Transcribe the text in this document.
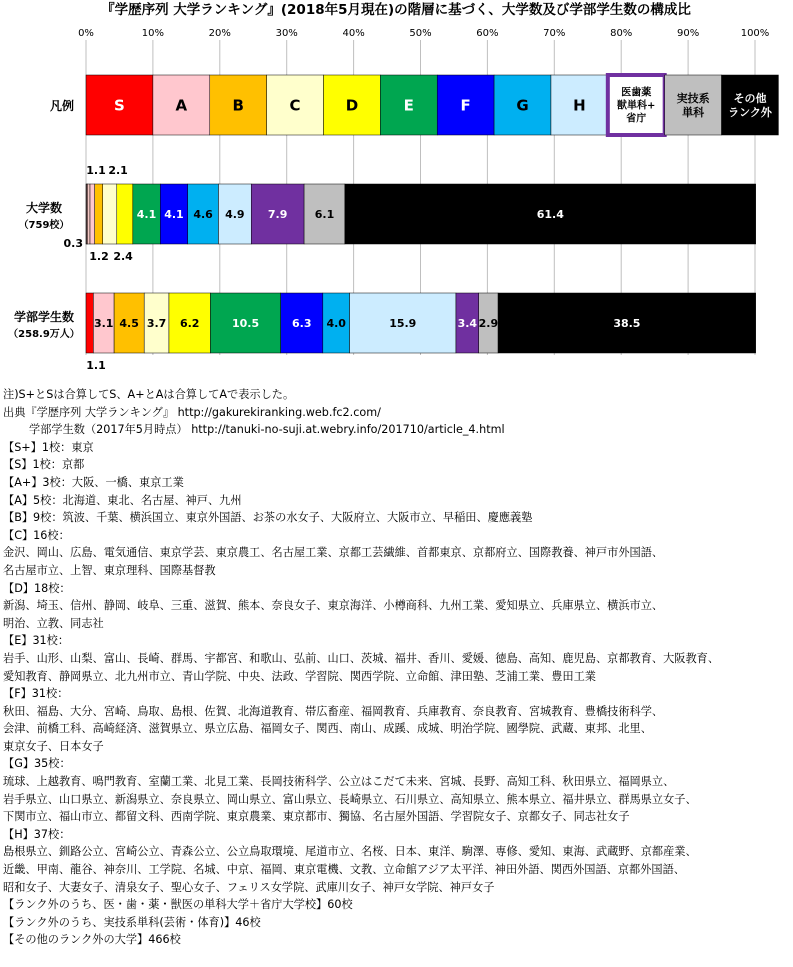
『学歴序列 大学ランキング』(2018年5月現在)の階層に基づく、大学数及び学部学生数の構成比
0%	10%	20%	30%	40%	50%	60%	70%	80%	90%	100%
凡例	S	A	B	C	D	E	F	G	H
医歯薬獣単科+省庁
実技系単科
その他ランク外
大学数
（759校）
4.1 4.1 4.6 4.9 7.9 6.1	61.4
1.1 2.1
1.2 2.4
0.3
学部学生数
（258.9万人）
3.1 4.5 3.7 6.2	10.5	6.3 4.0	15.9	3.4 2.9	38.5
1.1
注)S+とSは合算してS、A+とAは合算してAで表示した。
出典『学歴序列 大学ランキング』 http://gakurekiranking.web.fc2.com/
学部学生数（2017年5月時点） http://tanuki-no-suji.at.webry.info/201710/article_4.html
【S+】1校：東京
【S】1校：京都
【A+】3校：大阪、一橋、東京工業
【A】5校：北海道、東北、名古屋、神戸、九州
【B】9校：筑波、千葉、横浜国立、東京外国語、お茶の水女子、大阪府立、大阪市立、早稲田、慶應義塾
【C】16校：
金沢、岡山、広島、電気通信、東京学芸、東京農工、名古屋工業、京都工芸繊維、首都東京、京都府立、国際教養、神戸市外国語、
名古屋市立、上智、東京理科、国際基督教
【D】18校：
新潟、埼玉、信州、静岡、岐阜、三重、滋賀、熊本、奈良女子、東京海洋、小樽商科、九州工業、愛知県立、兵庫県立、横浜市立、
明治、立教、同志社
【E】31校：
岩手、山形、山梨、富山、長崎、群馬、宇都宮、和歌山、弘前、山口、茨城、福井、香川、愛媛、徳島、高知、鹿児島、京都教育、大阪教育、
愛知教育、静岡県立、北九州市立、青山学院、中央、法政、学習院、関西学院、立命館、津田塾、芝浦工業、豊田工業
【F】31校：
秋田、福島、大分、宮崎、鳥取、島根、佐賀、北海道教育、帯広畜産、福岡教育、兵庫教育、奈良教育、宮城教育、豊橋技術科学、
会津、前橋工科、高崎経済、滋賀県立、県立広島、福岡女子、関西、南山、成蹊、成城、明治学院、國學院、武蔵、東邦、北里、
東京女子、日本女子
【G】35校：
琉球、上越教育、鳴門教育、室蘭工業、北見工業、長岡技術科学、公立はこだて未来、宮城、長野、高知工科、秋田県立、福岡県立、
岩手県立、山口県立、新潟県立、奈良県立、岡山県立、富山県立、長崎県立、石川県立、高知県立、熊本県立、福井県立、群馬県立女子、
下関市立、福山市立、都留文科、西南学院、東京農業、東京都市、獨協、名古屋外国語、学習院女子、京都女子、同志社女子
【H】37校：
島根県立、釧路公立、宮崎公立、青森公立、公立鳥取環境、尾道市立、名桜、日本、東洋、駒澤、専修、愛知、東海、武蔵野、京都産業、
近畿、甲南、龍谷、神奈川、工学院、名城、中京、福岡、東京電機、文教、立命館アジア太平洋、神田外語、関西外国語、京都外国語、
昭和女子、大妻女子、清泉女子、聖心女子、フェリス女学院、武庫川女子、神戸女学院、神戸女子
【ランク外のうち、医・歯・薬・獣医の単科大学＋省庁大学校】60校
【ランク外のうち、実技系単科(芸術・体育)】46校
【その他のランク外の大学】466校
